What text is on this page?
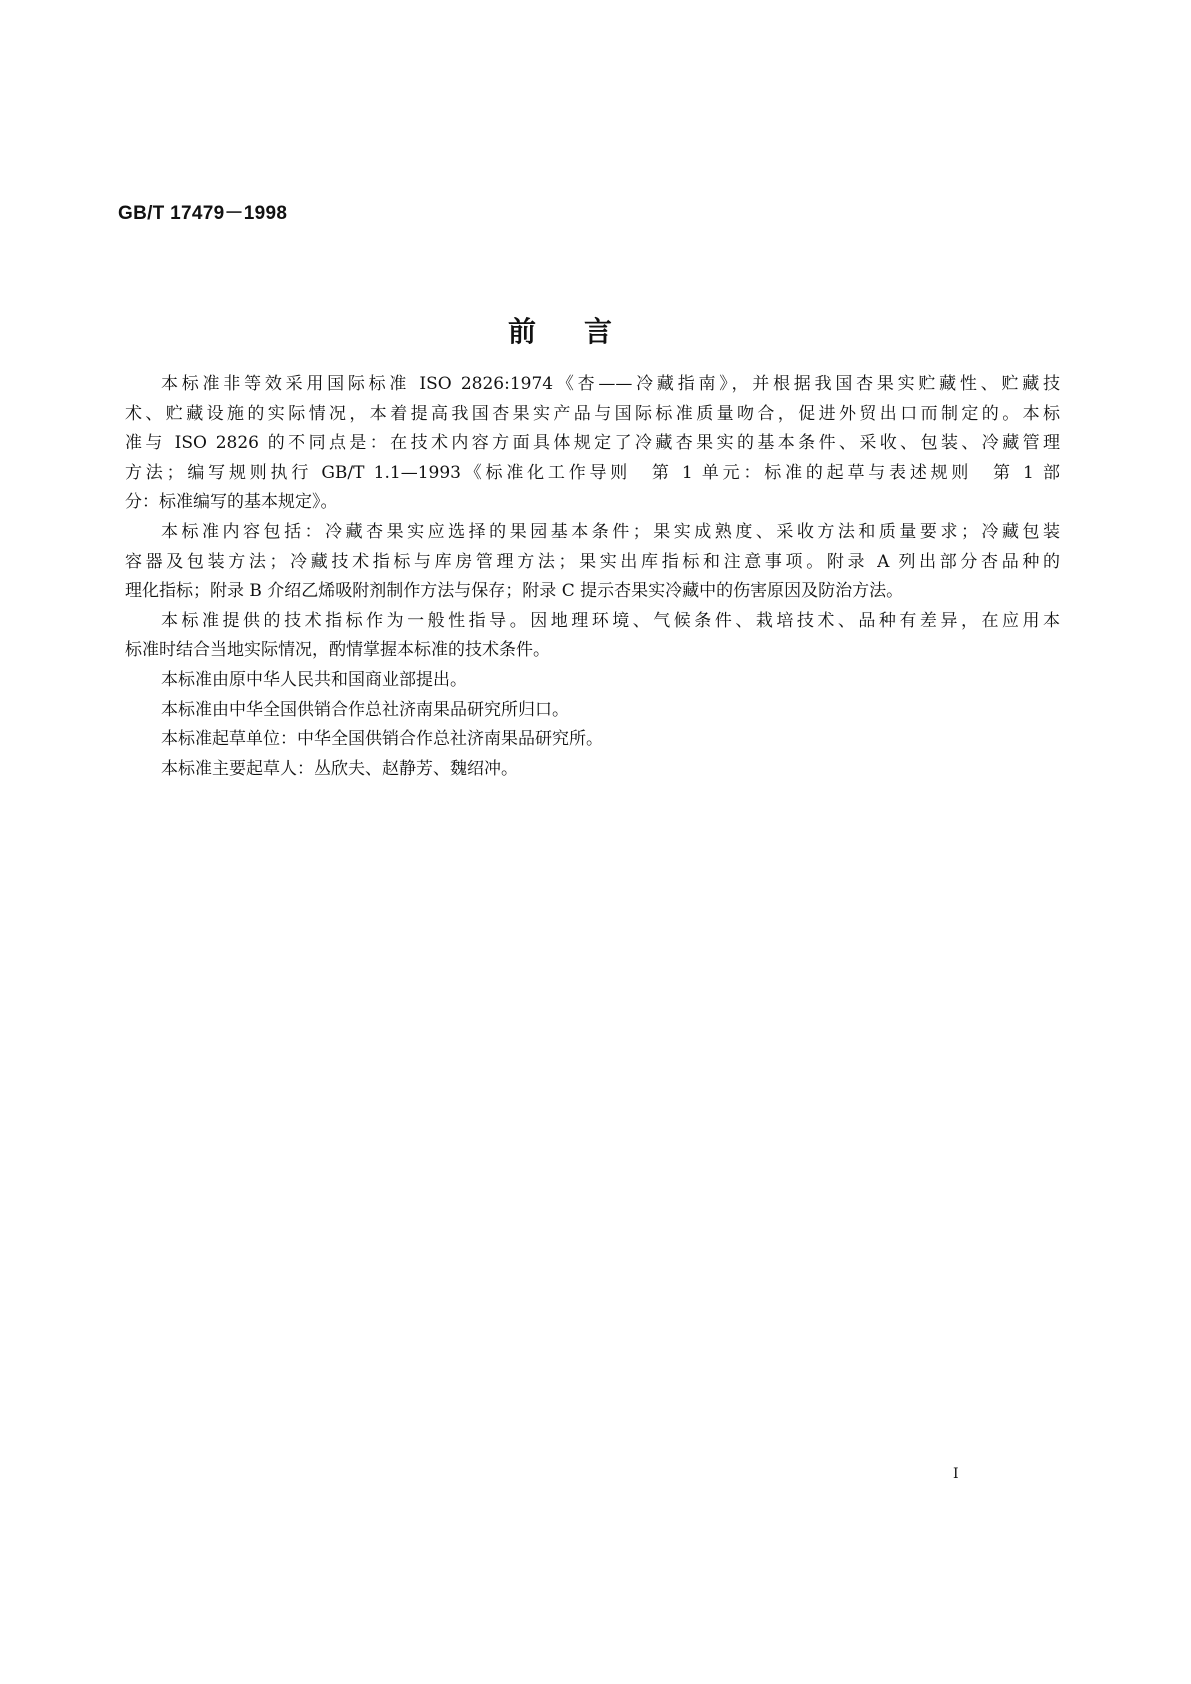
GB/T 17479－1998
前 言
本标准非等效采用国际标准 ISO 2826:1974《杏——冷藏指南》，并根据我国杏果实贮藏性、贮藏技
术、贮藏设施的实际情况，本着提高我国杏果实产品与国际标准质量吻合，促进外贸出口而制定的。本标
准与 ISO 2826 的不同点是：在技术内容方面具体规定了冷藏杏果实的基本条件、采收、包装、冷藏管理
方法；编写规则执行 GB/T 1.1—1993《标准化工作导则　第 1 单元：标准的起草与表述规则　第 1 部
分：标准编写的基本规定》。
本标准内容包括：冷藏杏果实应选择的果园基本条件；果实成熟度、采收方法和质量要求；冷藏包装
容器及包装方法；冷藏技术指标与库房管理方法；果实出库指标和注意事项。附录 A 列出部分杏品种的
理化指标；附录 B 介绍乙烯吸附剂制作方法与保存；附录 C 提示杏果实冷藏中的伤害原因及防治方法。
本标准提供的技术指标作为一般性指导。因地理环境、气候条件、栽培技术、品种有差异，在应用本
标准时结合当地实际情况，酌情掌握本标准的技术条件。
本标准由原中华人民共和国商业部提出。
本标准由中华全国供销合作总社济南果品研究所归口。
本标准起草单位：中华全国供销合作总社济南果品研究所。
本标准主要起草人：丛欣夫、赵静芳、魏绍冲。
I
